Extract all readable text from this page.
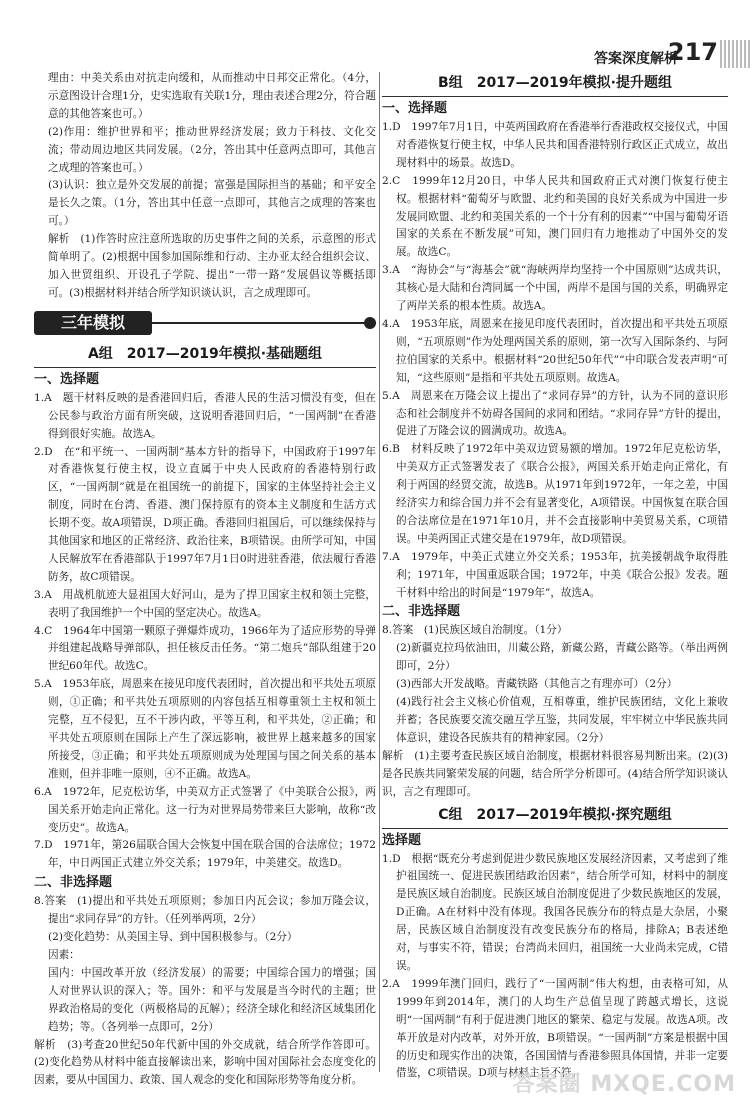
答案深度解析
217

理由：中美关系由对抗走向缓和，从而推动中日邦交正常化。（4分，示意图设计合理1分，史实选取有关联1分，理由表述合理2分，符合题意的其他答案也可。）

(2)作用：维护世界和平；推动世界经济发展；致力于科技、文化交流；带动周边地区共同发展。（2分，答出其中任意两点即可，其他言之成理的答案也可。）

(3)认识：独立是外交发展的前提；富强是国际担当的基础；和平安全是长久之策。（1分，答出其中任意一点即可，其他言之成理的答案也可。）

解析　(1)作答时应注意所选取的历史事件之间的关系，示意图的形式简单明了。(2)根据中国参加国际维和行动、主办亚太经合组织会议、加入世贸组织、开设孔子学院、提出“一带一路”发展倡议等概括即可。(3)根据材料并结合所学知识谈认识，言之成理即可。

三年模拟
A组　2017—2019年模拟·基础题组

一、选择题

1.A　题干材料反映的是香港回归后，香港人民的生活习惯没有变，但在公民参与政治方面有所突破，这说明香港回归后，“一国两制”在香港得到很好实施。故选A。

2.D　在“和平统一、一国两制”基本方针的指导下，中国政府于1997年对香港恢复行使主权，设立直属于中央人民政府的香港特别行政区，“一国两制”就是在祖国统一的前提下，国家的主体坚持社会主义制度，同时在台湾、香港、澳门保持原有的资本主义制度和生活方式长期不变。故A项错误，D项正确。香港回归祖国后，可以继续保持与其他国家和地区的正常经济、政治往来，B项错误。由所学可知，中国人民解放军在香港部队于1997年7月1日0时进驻香港，依法履行香港防务，故C项错误。

3.A　用战机航迹大显祖国大好河山，是为了捍卫国家主权和领土完整，表明了我国维护一个中国的坚定决心。故选A。

4.C　1964年中国第一颗原子弹爆炸成功，1966年为了适应形势的导弹并组建起战略导弹部队，担任核反击任务。“第二炮兵”部队组建于20世纪60年代。故选C。

5.A　1953年底，周恩来在接见印度代表团时，首次提出和平共处五项原则，①正确；和平共处五项原则的内容包括互相尊重领土主权和领土完整，互不侵犯，互不干涉内政，平等互利，和平共处，②正确；和平共处五项原则在国际上产生了深远影响，被世界上越来越多的国家所接受，③正确；和平共处五项原则成为处理国与国之间关系的基本准则，但并非唯一原则，④不正确。故选A。

6.A　1972年，尼克松访华，中美双方正式签署了《中美联合公报》，两国关系开始走向正常化。这一行为对世界局势带来巨大影响，故称“改变历史”。故选A。

7.D　1971年，第26届联合国大会恢复中国在联合国的合法席位；1972年，中日两国正式建立外交关系；1979年，中美建交。故选D。

二、非选择题

8.答案　(1)提出和平共处五项原则；参加日内瓦会议；参加万隆会议，提出“求同存异”的方针。（任列举两项，2分）

(2)变化趋势：从美国主导、到中国积极参与。（2分）

因素：

国内：中国改革开放（经济发展）的需要；中国综合国力的增强；国人对世界认识的深入；等。国外：和平与发展是当今时代的主题；世界政治格局的变化（两极格局的瓦解）；经济全球化和经济区域集团化趋势；等。（各列举一点即可，2分）

解析　(3)考查20世纪50年代新中国的外交成就，结合所学作答即可。(2)变化趋势从材料中能直接解读出来，影响中国对国际社会态度变化的因素，要从中国国力、政策、国人观念的变化和国际形势等角度分析。

B组　2017—2019年模拟·提升题组

一、选择题

1.D　1997年7月1日，中英两国政府在香港举行香港政权交接仪式，中国对香港恢复行使主权，中华人民共和国香港特别行政区正式成立，故出现材料中的场景。故选D。

2.C　1999年12月20日，中华人民共和国政府正式对澳门恢复行使主权。根据材料“葡萄牙与欧盟、北约和美国的良好关系成为中国进一步发展同欧盟、北约和美国关系的一个十分有利的因素”“中国与葡萄牙语国家的关系在不断发展”可知，澳门回归有力地推动了中国外交的发展。故选C。

3.A　“海协会”与“海基会”就“海峡两岸均坚持一个中国原则”达成共识，其核心是大陆和台湾同属一个中国，两岸不是国与国的关系，明确界定了两岸关系的根本性质。故选A。

4.A　1953年底，周恩来在接见印度代表团时，首次提出和平共处五项原则，“五项原则”作为处理两国关系的原则，第一次写入国际条约、与阿拉伯国家的关系中。根据材料“20世纪50年代”“中印联合发表声明”可知，“这些原则”是指和平共处五项原则。故选A。

5.A　周恩来在万隆会议上提出了“求同存异”的方针，认为不同的意识形态和社会制度并不妨碍各国间的求同和团结。“求同存异”方针的提出，促进了万隆会议的圆满成功。故选A。

6.B　材料反映了1972年中美双边贸易额的增加。1972年尼克松访华，中美双方正式签署发表了《联合公报》，两国关系开始走向正常化，有利于两国的经贸交流，故选B。从1971年到1972年，一年之差，中国经济实力和综合国力并不会有显著变化，A项错误。中国恢复在联合国的合法席位是在1971年10月，并不会直接影响中美贸易关系，C项错误。中美两国正式建交是在1979年，故D项错误。

7.A　1979年，中美正式建立外交关系；1953年，抗美援朝战争取得胜利；1971年，中国重返联合国；1972年，中美《联合公报》发表。题干材料中给出的时间是“1979年”，故选A。

二、非选择题

8.答案　(1)民族区域自治制度。（1分）

(2)新疆克拉玛依油田，川藏公路，新藏公路，青藏公路等。（举出两例即可，2分）

(3)西部大开发战略。青藏铁路（其他言之有理亦可）（2分）

(4)践行社会主义核心价值观，互相尊重，维护民族团结，文化上兼收并蓄；各民族要交流交融互学互鉴，共同发展，牢牢树立中华民族共同体意识，建设各民族共有的精神家园。（2分）

解析　(1)主要考查民族区域自治制度，根据材料很容易判断出来。(2)(3)是各民族共同繁荣发展的问题，结合所学分析即可。(4)结合所学知识谈认识，言之有理即可。

C组　2017—2019年模拟·探究题组

选择题

1.D　根据“既充分考虑到促进少数民族地区发展经济因素，又考虑到了维护祖国统一、促进民族团结政治因素”，结合所学可知，材料中的制度是民族区域自治制度。民族区域自治制度促进了少数民族地区的发展，D正确。A在材料中没有体现。我国各民族分布的特点是大杂居，小聚居，民族区域自治制度没有改变民族分布的格局，排除A；B表述绝对，与事实不符，错误；台湾尚未回归，祖国统一大业尚未完成，C错误。

2.A　1999年澳门回归，践行了“一国两制”伟大构想，由表格可知，从1999年到2014年，澳门的人均生产总值呈现了跨越式增长，这说明“一国两制”有利于促进澳门地区的繁荣、稳定与发展。故选A项。改革开放是对内改革，对外开放，B项错误。“一国两制”方案是根据中国的历史和现实作出的决策，各国国情与香港参照具体国情，并非一定要借鉴，C项错误。D项与材料主旨不符。

答案圈 MXQE.COM
